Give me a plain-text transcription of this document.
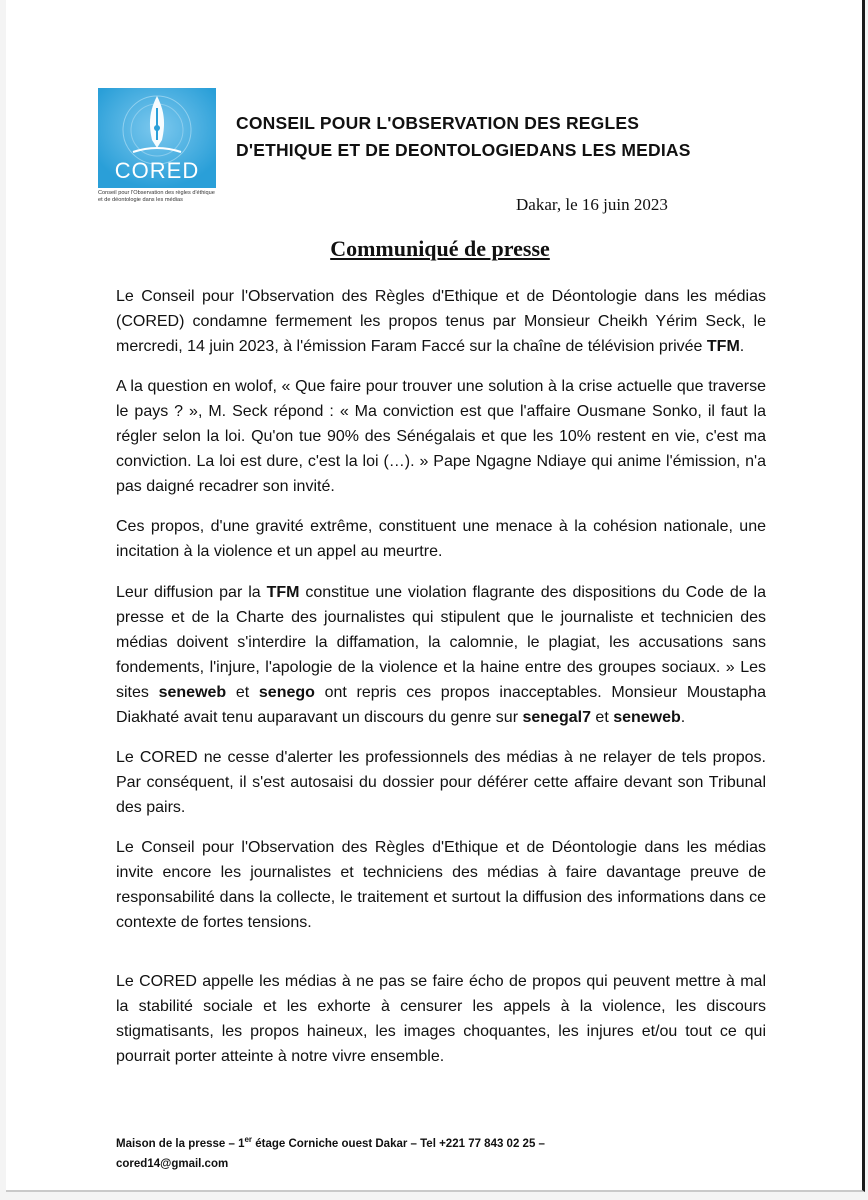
CORED
Conseil pour l'Observation des règles d'éthique et de déontologie dans les médias
CONSEIL POUR L'OBSERVATION DES REGLES
D'ETHIQUE ET DE DEONTOLOGIEDANS LES MEDIAS
Dakar, le 16 juin 2023
Communiqué de presse

Le Conseil pour l'Observation des Règles d'Ethique et de Déontologie dans les médias (CORED) condamne fermement les propos tenus par Monsieur Cheikh Yérim Seck, le mercredi, 14 juin 2023, à l'émission Faram Faccé sur la chaîne de télévision privée TFM.

A la question en wolof, « Que faire pour trouver une solution à la crise actuelle que traverse le pays ? », M. Seck répond : « Ma conviction est que l'affaire Ousmane Sonko, il faut la régler selon la loi. Qu'on tue 90% des Sénégalais et que les 10% restent en vie, c'est ma conviction. La loi est dure, c'est la loi (…). » Pape Ngagne Ndiaye qui anime l'émission, n'a pas daigné recadrer son invité.

Ces propos, d'une gravité extrême, constituent une menace à la cohésion nationale, une incitation à la violence et un appel au meurtre.

Leur diffusion par la TFM constitue une violation flagrante des dispositions du Code de la presse et de la Charte des journalistes qui stipulent que le journaliste et technicien des médias doivent s'interdire la diffamation, la calomnie, le plagiat, les accusations sans fondements, l'injure, l'apologie de la violence et la haine entre des groupes sociaux. » Les sites seneweb et senego ont repris ces propos inacceptables. Monsieur Moustapha Diakhaté avait tenu auparavant un discours du genre sur senegal7 et seneweb.

Le CORED ne cesse d'alerter les professionnels des médias à ne relayer de tels propos. Par conséquent, il s'est autosaisi du dossier pour déférer cette affaire devant son Tribunal des pairs.

Le Conseil pour l'Observation des Règles d'Ethique et de Déontologie dans les médias invite encore les journalistes et techniciens des médias à faire davantage preuve de responsabilité dans la collecte, le traitement et surtout la diffusion des informations dans ce contexte de fortes tensions.

Le CORED appelle les médias à ne pas se faire écho de propos qui peuvent mettre à mal la stabilité sociale et les exhorte à censurer les appels à la violence, les discours stigmatisants, les propos haineux, les images choquantes, les injures et/ou tout ce qui pourrait porter atteinte à notre vivre ensemble.

Maison de la presse – 1er étage Corniche ouest Dakar – Tel +221 77 843 02 25 –
cored14@gmail.com
